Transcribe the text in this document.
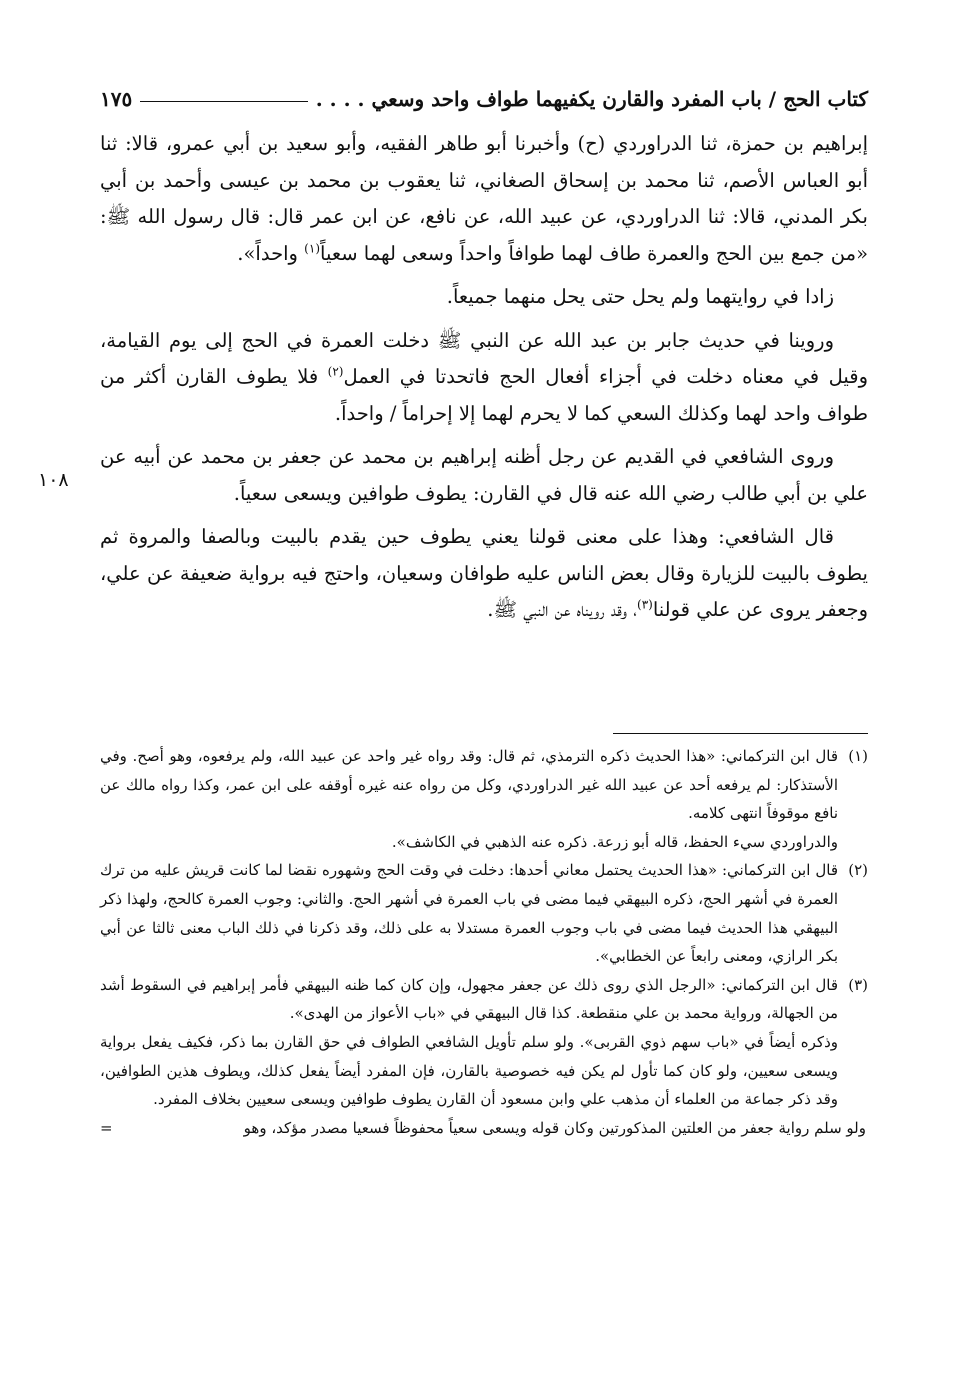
كتاب الحج / باب المفرد والقارن يكفيهما طواف واحد وسعي . . . .
١٧٥

إبراهيم بن حمزة، ثنا الدراوردي (ح) وأخبرنا أبو طاهر الفقيه، وأبو سعيد بن أبي عمرو، قالا: ثنا أبو العباس الأصم، ثنا محمد بن إسحاق الصغاني، ثنا يعقوب بن محمد بن عيسى وأحمد بن أبي بكر المدني، قالا: ثنا الدراوردي، عن عبيد الله، عن نافع، عن ابن عمر قال: قال رسول الله ﷺ: «من جمع بين الحج والعمرة طاف لهما طوافاً واحداً وسعى لهما سعياً$^{(١)}$ واحداً».

زادا في روايتهما ولم يحل حتى يحل منهما جميعاً.

وروينا في حديث جابر بن عبد الله عن النبي ﷺ دخلت العمرة في الحج إلى يوم القيامة، وقيل في معناه دخلت في أجزاء أفعال الحج فاتحدتا في العمل$^{(٢)}$ فلا يطوف القارن أكثر من طواف واحد لهما وكذلك السعي كما لا يحرم لهما إلا إحراماً / واحداً.

وروى الشافعي في القديم عن رجل أظنه إبراهيم بن محمد عن جعفر بن محمد عن أبيه عن علي بن أبي طالب رضي الله عنه قال في القارن: يطوف طوافين ويسعى سعياً.

قال الشافعي: وهذا على معنى قولنا يعني يطوف حين يقدم بالبيت وبالصفا والمروة ثم يطوف بالبيت للزيارة وقال بعض الناس عليه طوافان وسعيان، واحتج فيه برواية ضعيفة عن علي، وجعفر يروى عن علي قولنا$^{(٣)}$، وقد رويناه عن النبي ﷺ.

(١)
قال ابن التركماني: «هذا الحديث ذكره الترمذي، ثم قال: وقد رواه غير واحد عن عبيد الله، ولم يرفعوه، وهو أصح. وفي الأستذكار: لم يرفعه أحد عن عبيد الله غير الدراوردي، وكل من رواه عنه غيره أوقفه على ابن عمر، وكذا رواه مالك عن نافع موقوفاً انتهى كلامه.

والدراوردي سيء الحفظ، قاله أبو زرعة. ذكره عنه الذهبي في الكاشف».

(٢)
قال ابن التركماني: «هذا الحديث يحتمل معاني أحدها: دخلت في وقت الحج وشهوره نقضا لما كانت قريش عليه من ترك العمرة في أشهر الحج، ذكره البيهقي فيما مضى في باب العمرة في أشهر الحج. والثاني: وجوب العمرة كالحج، ولهذا ذكر البيهقي هذا الحديث فيما مضى في باب وجوب العمرة مستدلا به على ذلك، وقد ذكرنا في ذلك الباب معنى ثالثا عن أبي بكر الرازي، ومعنى رابعاً عن الخطابي».
(٣)
قال ابن التركماني: «الرجل الذي روى ذلك عن جعفر مجهول، وإن كان كما ظنه البيهقي فأمر إبراهيم في السقوط أشد من الجهالة، ورواية محمد بن علي منقطعة. كذا قال البيهقي في «باب الأعواز من الهدى».

وذكره أيضاً في «باب سهم ذوي القربى». ولو سلم تأويل الشافعي الطواف في حق القارن بما ذكر، فكيف يفعل برواية ويسعى سعيين، ولو كان كما تأول لم يكن فيه خصوصية بالقارن، فإن المفرد أيضاً يفعل كذلك، ويطوف هذين الطوافين، وقد ذكر جماعة من العلماء أن مذهب علي وابن مسعود أن القارن يطوف طوافين ويسعى سعيين بخلاف المفرد.

ولو سلم رواية جعفر من العلتين المذكورتين وكان قوله ويسعى سعياً محفوظاً فسعيا مصدر مؤكد، وهو
=
١٠٨
